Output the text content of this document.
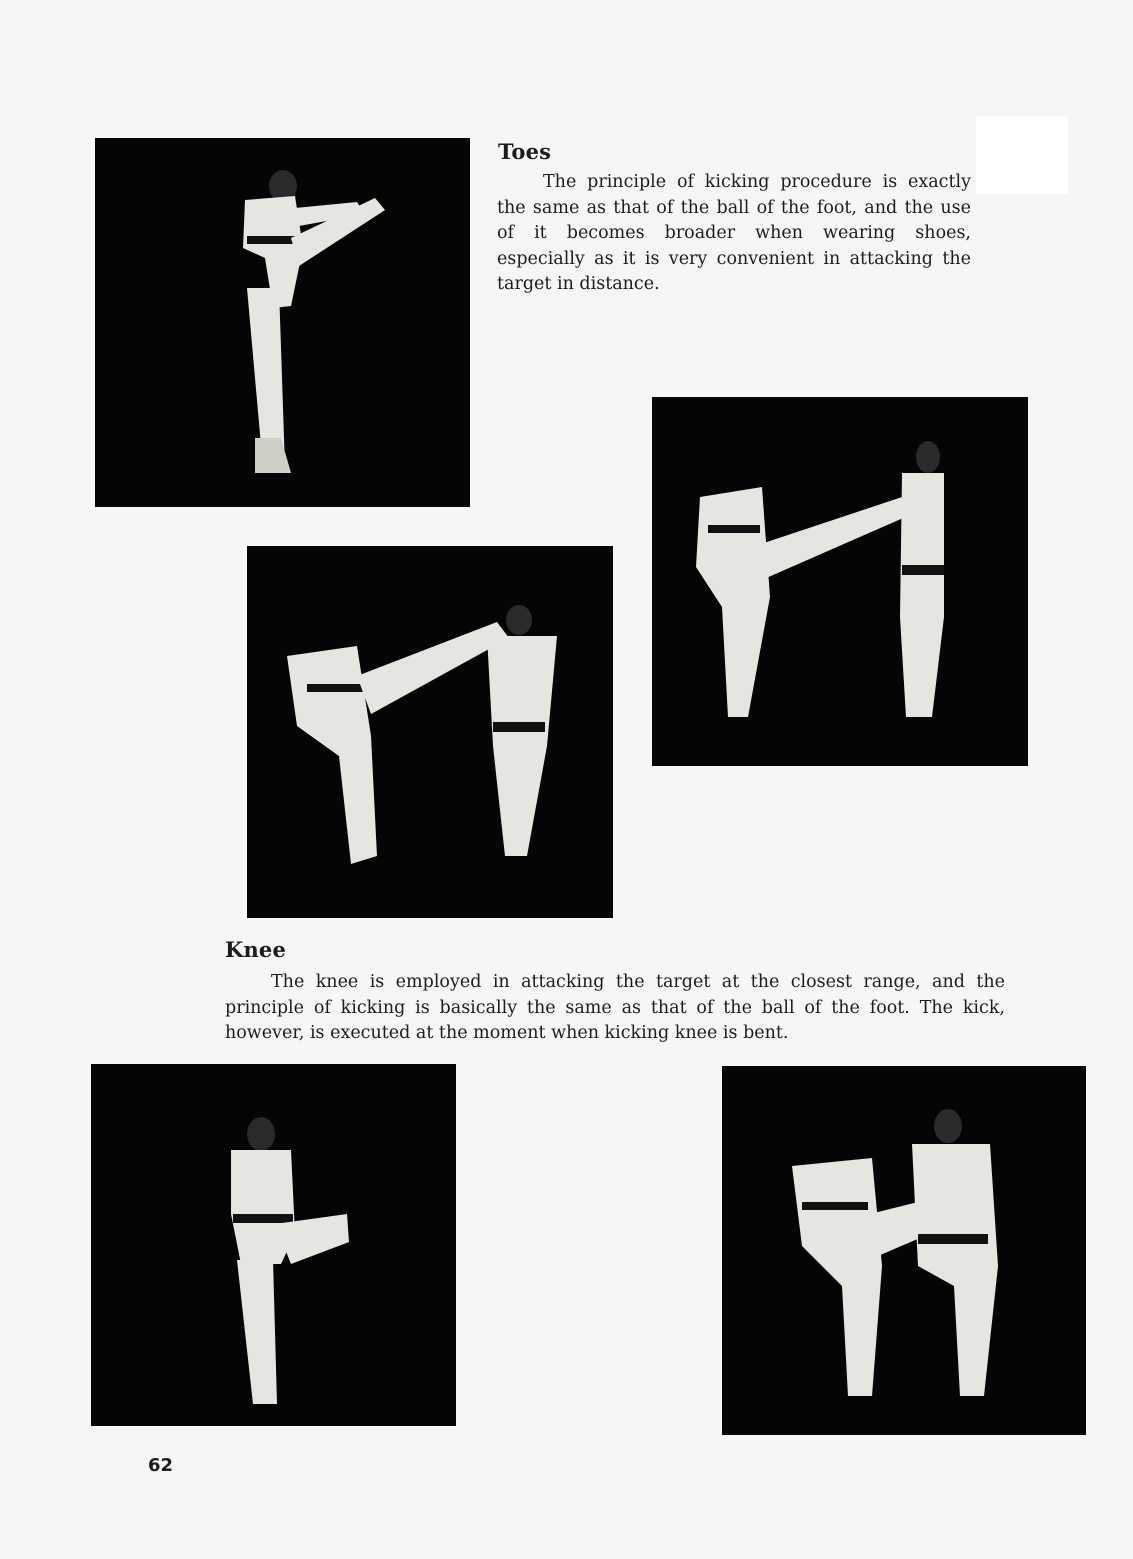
Toes

The principle of kicking procedure is exactly the same as that of the ball of the foot, and the use of it becomes broader when wearing shoes, especially as it is very convenient in attacking the target in distance.

Knee

The knee is employed in attacking the target at the closest range, and the principle of kicking is basically the same as that of the ball of the foot. The kick, however, is executed at the moment when kicking knee is bent.

62
